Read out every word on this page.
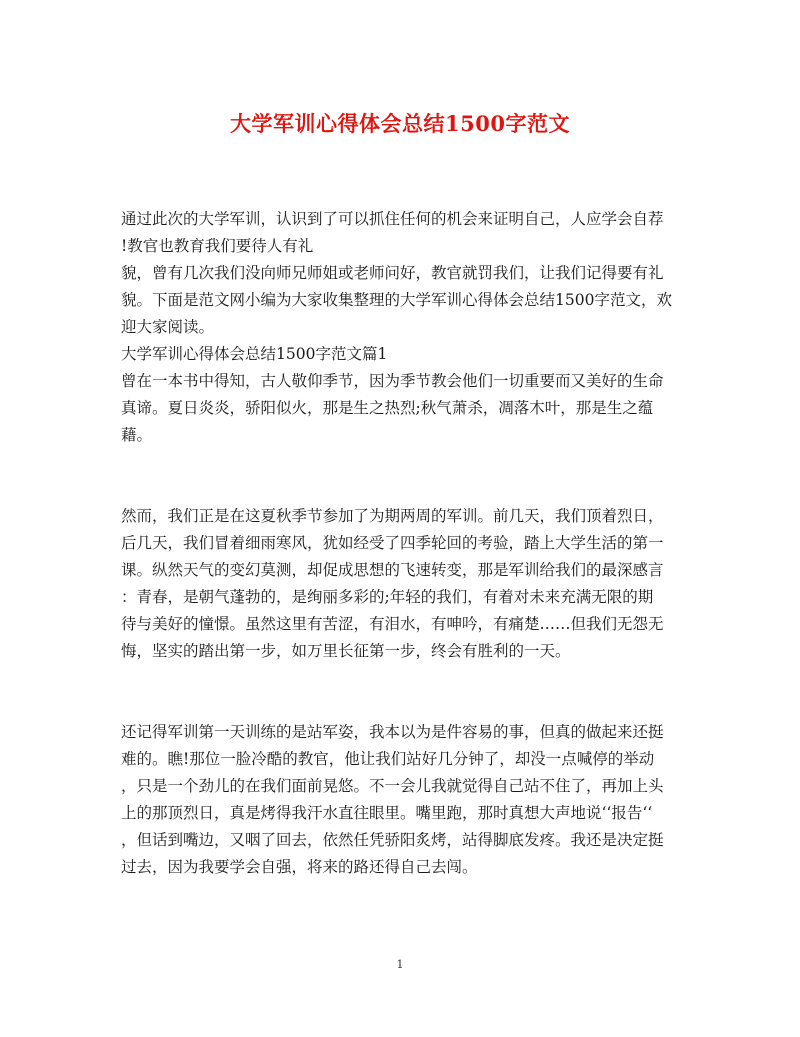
大学军训心得体会总结1500字范文
通过此次的大学军训，认识到了可以抓住任何的机会来证明自己，人应学会自荐
!教官也教育我们要待人有礼
貌，曾有几次我们没向师兄师姐或老师问好，教官就罚我们，让我们记得要有礼
貌。下面是范文网小编为大家收集整理的大学军训心得体会总结1500字范文，欢
迎大家阅读。
大学军训心得体会总结1500字范文篇1
曾在一本书中得知，古人敬仰季节，因为季节教会他们一切重要而又美好的生命
真谛。夏日炎炎，骄阳似火，那是生之热烈;秋气萧杀，凋落木叶，那是生之蕴
藉。
然而，我们正是在这夏秋季节参加了为期两周的军训。前几天，我们顶着烈日，
后几天，我们冒着细雨寒风，犹如经受了四季轮回的考验，踏上大学生活的第一
课。纵然天气的变幻莫测，却促成思想的飞速转变，那是军训给我们的最深感言
：青春，是朝气蓬勃的，是绚丽多彩的;年轻的我们，有着对未来充满无限的期
待与美好的憧憬。虽然这里有苦涩，有泪水，有呻吟，有痛楚……但我们无怨无
悔，坚实的踏出第一步，如万里长征第一步，终会有胜利的一天。
还记得军训第一天训练的是站军姿，我本以为是件容易的事，但真的做起来还挺
难的。瞧!那位一脸冷酷的教官，他让我们站好几分钟了，却没一点喊停的举动
，只是一个劲儿的在我们面前晃悠。不一会儿我就觉得自己站不住了，再加上头
上的那顶烈日，真是烤得我汗水直往眼里。嘴里跑，那时真想大声地说‘‘报告‘‘
，但话到嘴边，又咽了回去，依然任凭骄阳炙烤，站得脚底发疼。我还是决定挺
过去，因为我要学会自强，将来的路还得自己去闯。
1
